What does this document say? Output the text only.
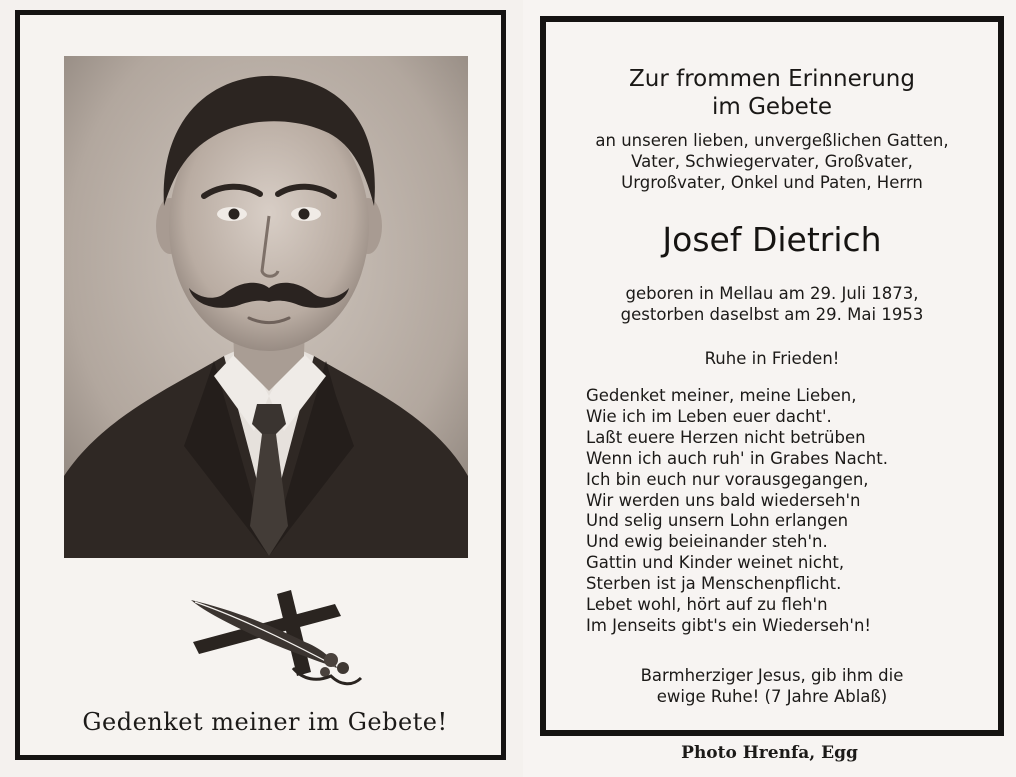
Gedenket meiner im Gebete!
Zur frommen Erinnerung
im Gebete
an unseren lieben, unvergeßlichen Gatten,
Vater, Schwiegervater, Großvater,
Urgroßvater, Onkel und Paten, Herrn
Josef Dietrich
geboren in Mellau am 29. Juli 1873,
gestorben daselbst am 29. Mai 1953
Ruhe in Frieden!
Gedenket meiner, meine Lieben,
Wie ich im Leben euer dacht'.
Laßt euere Herzen nicht betrüben
Wenn ich auch ruh' in Grabes Nacht.
Ich bin euch nur vorausgegangen,
Wir werden uns bald wiederseh'n
Und selig unsern Lohn erlangen
Und ewig beieinander steh'n.
Gattin und Kinder weinet nicht,
Sterben ist ja Menschenpflicht.
Lebet wohl, hört auf zu fleh'n
Im Jenseits gibt's ein Wiederseh'n!
Barmherziger Jesus, gib ihm die
ewige Ruhe! (7 Jahre Ablaß)
Photo Hrenfa, Egg
